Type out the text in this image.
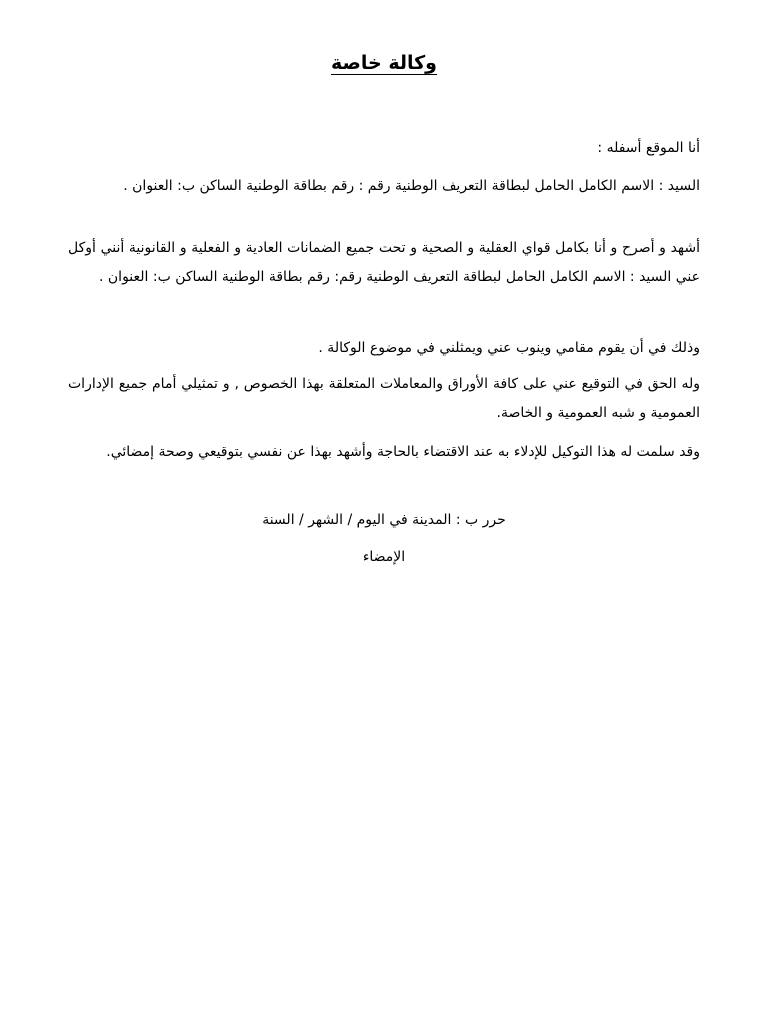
وكالة خاصة

أنا الموقع أسفله :

السيد : الاسم الكامل الحامل لبطاقة التعريف الوطنية رقم : رقم بطاقة الوطنية الساكن ب: العنوان .

أشهد و أصرح و أنا بكامل قواي العقلية و الصحية و تحت جميع الضمانات العادية و الفعلية و القانونية أنني أوكل عني السيد : الاسم الكامل الحامل لبطاقة التعريف الوطنية رقم: رقم بطاقة الوطنية الساكن ب: العنوان .

وذلك في أن يقوم مقامي وينوب عني ويمثلني في موضوع الوكالة .

وله الحق في التوقيع عني على كافة الأوراق والمعاملات المتعلقة بهذا الخصوص , و تمثيلي أمام جميع الإدارات العمومية و شبه العمومية و الخاصة.

وقد سلمت له هذا التوكيل للإدلاء به عند الاقتضاء بالحاجة وأشهد بهذا عن نفسي بتوقيعي وصحة إمضائي.

حرر ب : المدينة في اليوم / الشهر / السنة

الإمضاء
